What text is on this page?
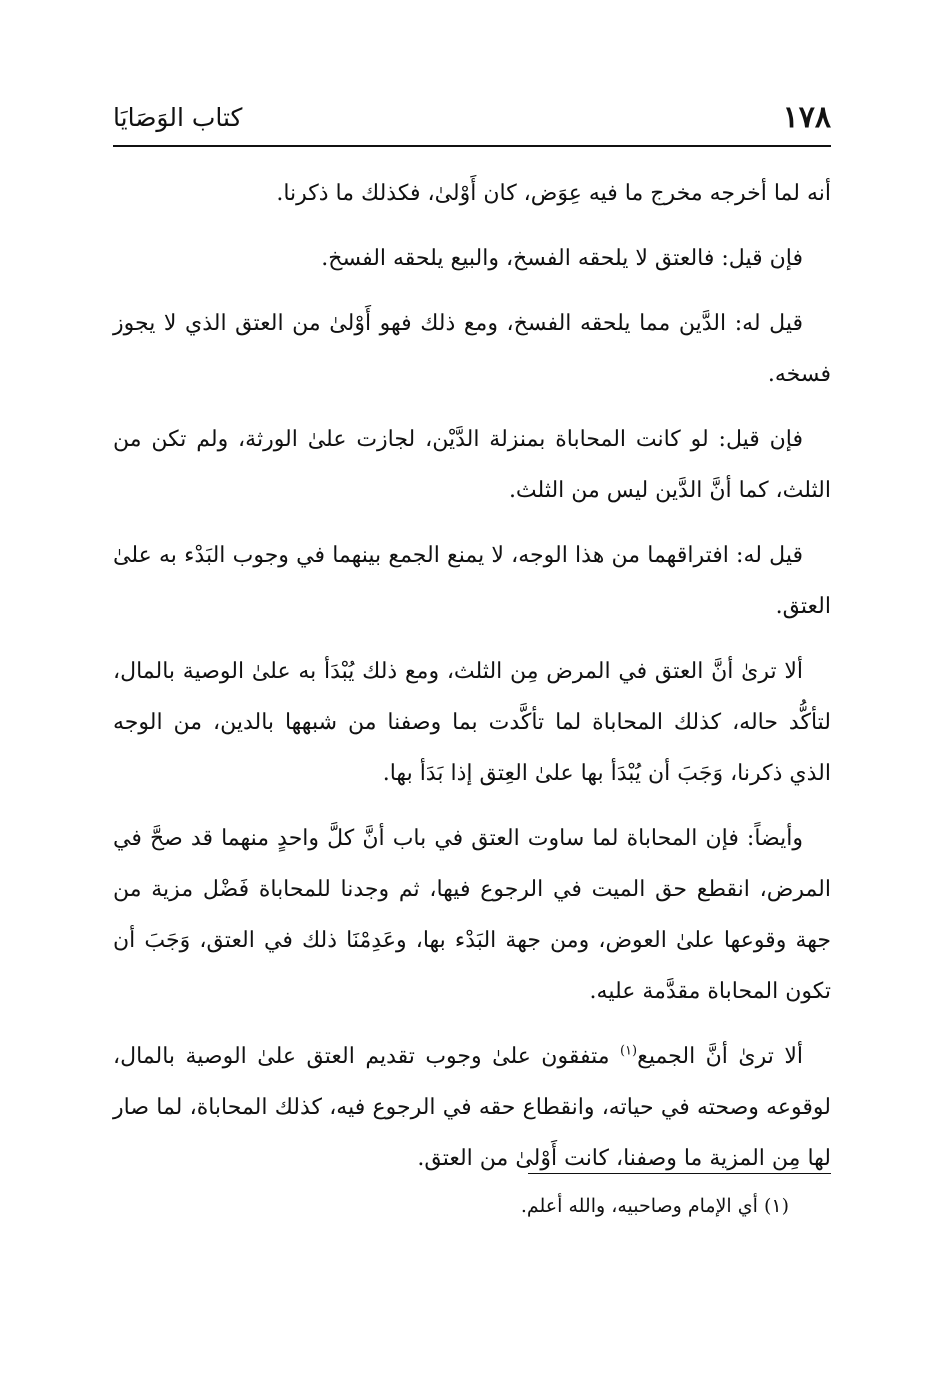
١٧٨
كتاب الوَصَايَا

أنه لما أخرجه مخرج ما فيه عِوَض، كان أَوْلىٰ، فكذلك ما ذكرنا.

فإن قيل: فالعتق لا يلحقه الفسخ، والبيع يلحقه الفسخ.

قيل له: الدَّين مما يلحقه الفسخ، ومع ذلك فهو أَوْلىٰ من العتق الذي لا يجوز فسخه.

فإن قيل: لو كانت المحاباة بمنزلة الدَّيْن، لجازت علىٰ الورثة، ولم تكن من الثلث، كما أنَّ الدَّين ليس من الثلث.

قيل له: افتراقهما من هذا الوجه، لا يمنع الجمع بينهما في وجوب البَدْء به علىٰ العتق.

ألا ترىٰ أنَّ العتق في المرض مِن الثلث، ومع ذلك يُبْدَأ به علىٰ الوصية بالمال، لتأكُّد حاله، كذلك المحاباة لما تأكَّدت بما وصفنا من شبهها بالدين، من الوجه الذي ذكرنا، وَجَبَ أن يُبْدَأ بها علىٰ العِتق إذا بَدَأ بها.

وأيضاً: فإن المحاباة لما ساوت العتق في باب أنَّ كلَّ واحدٍ منهما قد صحَّ في المرض، انقطع حق الميت في الرجوع فيها، ثم وجدنا للمحاباة فَضْل مزية من جهة وقوعها علىٰ العوض، ومن جهة البَدْء بها، وعَدِمْنَا ذلك في العتق، وَجَبَ أن تكون المحاباة مقدَّمة عليه.

ألا ترىٰ أنَّ الجميع$^{(١)}$ متفقون علىٰ وجوب تقديم العتق علىٰ الوصية بالمال، لوقوعه وصحته في حياته، وانقطاع حقه في الرجوع فيه، كذلك المحاباة، لما صار لها مِن المزية ما وصفنا، كانت أَوْلىٰ من العتق.

(١) أي الإمام وصاحبيه، والله أعلم.
